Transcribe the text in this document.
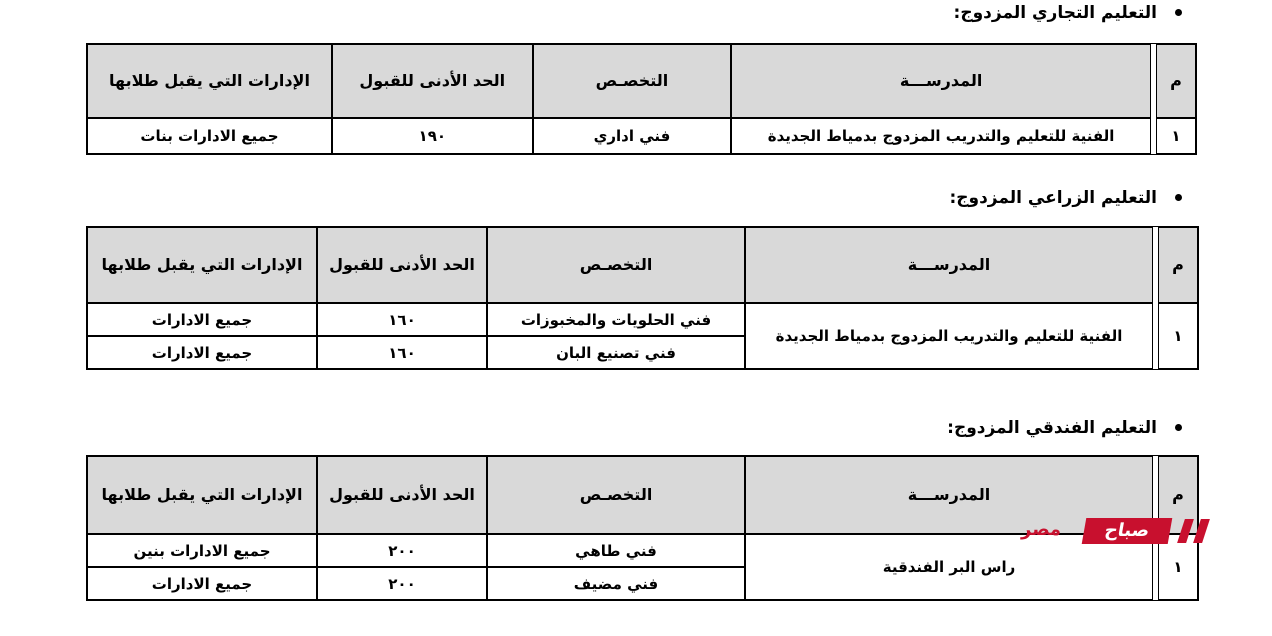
التعليم التجاري المزدوج:
م		المدرســـة	التخصـص	الحد الأدنى للقبول	الإدارات التي يقبل طلابها
١		الفنية للتعليم والتدريب المزدوج بدمياط الجديدة	فني اداري	١٩٠	جميع الادارات بنات
التعليم الزراعي المزدوج:
م		المدرســـة	التخصـص	الحد الأدنى للقبول	الإدارات التي يقبل طلابها
١		الفنية للتعليم والتدريب المزدوج بدمياط الجديدة	فني الحلويات والمخبوزات	١٦٠	جميع الادارات
			فني تصنيع البان	١٦٠	جميع الادارات
التعليم الفندقي المزدوج:
م		المدرســـة	التخصـص	الحد الأدنى للقبول	الإدارات التي يقبل طلابها
١		راس البر الفندقية	فني طاهي	٢٠٠	جميع الادارات بنين
			فني مضيف	٢٠٠	جميع الادارات
مصر	صباح
